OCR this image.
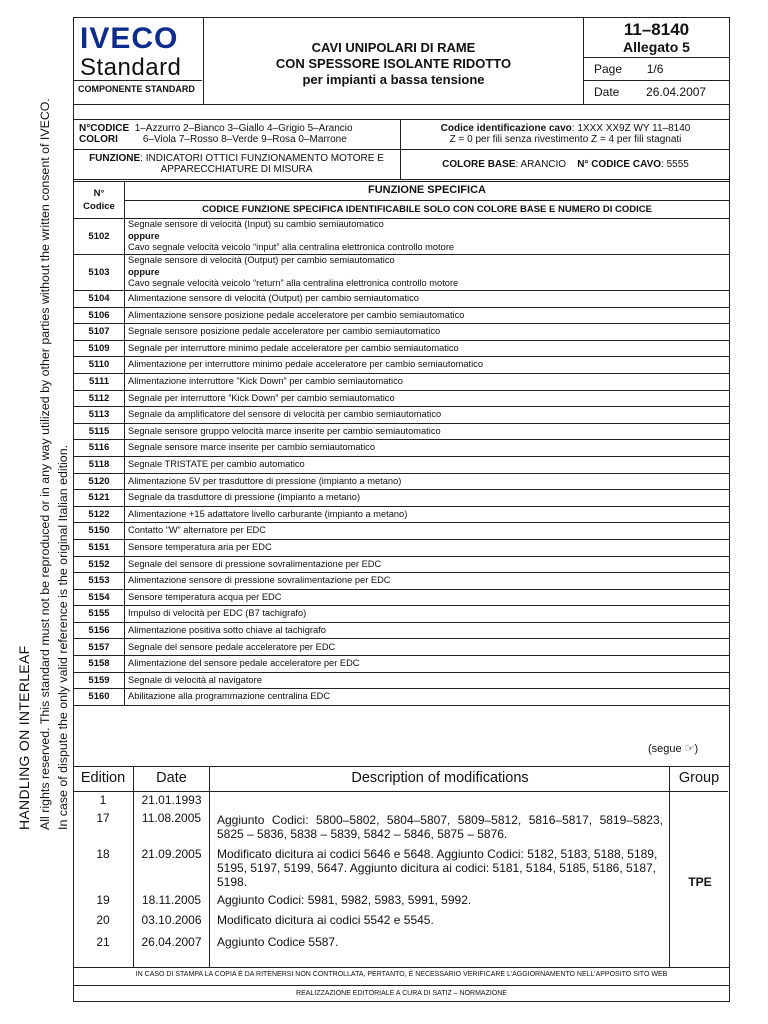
HANDLING ON INTERLEAF All rights reserved. This standard must not be reproduced or in any way utilized by other parties without the written consent of IVECO. In case of dispute the only valid reference is the original Italian edition.
IVECO
Standard
COMPONENTE STANDARD
CAVI UNIPOLARI DI RAME
CON SPESSORE ISOLANTE RIDOTTO
per impianti a bassa tensione
11–8140
Allegato 5
Page 1/6
Date 26.04.2007
N°CODICE 1–Azzurro 2–Bianco 3–Giallo 4–Grigio 5–Arancio
COLORI	6–Viola 7–Rosso 8–Verde 9–Rosa 0–Marrone
Codice identificazione cavo: 1XXX XX9Z WY 11–8140
Z = 0 per fili senza rivestimento Z = 4 per fili stagnati
FUNZIONE: INDICATORI OTTICI FUNZIONAMENTO MOTORE E APPARECCHIATURE DI MISURA	COLORE BASE: ARANCIO N° CODICE CAVO: 5555
N°
Codice	FUNZIONE SPECIFICA
	CODICE FUNZIONE SPECIFICA IDENTIFICABILE SOLO CON COLORE BASE E NUMERO DI CODICE
5102	Segnale sensore di velocità (Input) su cambio semiautomatico
oppure
Cavo segnale velocità veicolo “input” alla centralina elettronica controllo motore

5103	Segnale sensore di velocità (Output) per cambio semiautomatico
oppure
Cavo segnale velocità veicolo “return” alla centralina elettronica controllo motore

5104	Alimentazione sensore di velocità (Output) per cambio semiautomatico

5106	Alimentazione sensore posizione pedale acceleratore per cambio semiautomatico

5107	Segnale sensore posizione pedale acceleratore per cambio semiautomatico

5109	Segnale per interruttore minimo pedale acceleratore per cambio semiautomatico

5110	Alimentazione per interruttore minimo pedale acceleratore per cambio semiautomatico

5111	Alimentazione interruttore ”Kick Down” per cambio semiautomatico

5112	Segnale per interruttore ”Kick Down” per cambio semiautomatico

5113	Segnale da amplificatore del sensore di velocità per cambio semiautomatico

5115	Segnale sensore gruppo velocità marce inserite per cambio semiautomatico

5116	Segnale sensore marce inserite per cambio semiautomatico

5118	Segnale TRISTATE per cambio automatico

5120	Alimentazione 5V per trasduttore di pressione (impianto a metano)

5121	Segnale da trasduttore di pressione (impianto a metano)

5122	Alimentazione +15 adattatore livello carburante (impianto a metano)

5150	Contatto ”W” alternatore per EDC

5151	Sensore temperatura aria per EDC

5152	Segnale del sensore di pressione sovralimentazione per EDC

5153	Alimentazione sensore di pressione sovralimentazione per EDC

5154	Sensore temperatura acqua per EDC

5155	Impulso di velocità per EDC (B7 tachigrafo)

5156	Alimentazione positiva sotto chiave al tachigrafo

5157	Segnale del sensore pedale acceleratore per EDC

5158	Alimentazione del sensore pedale acceleratore per EDC

5159	Segnale di velocità al navigatore

5160	Abilitazione alla programmazione centralina EDC
(segue ☞)
Edition	Date	Description of modifications	Group
1	21.01.1993
17	11.08.2005	Aggiunto Codici: 5800–5802, 5804–5807, 5809–5812, 5816–5817, 5819–5823, 5825 – 5836, 5838 – 5839, 5842 – 5846, 5875 – 5876.
18	21.09.2005	Modificato dicitura ai codici 5646 e 5648. Aggiunto Codici: 5182, 5183, 5188, 5189, 5195, 5197, 5199, 5647. Aggiunto dicitura ai codici: 5181, 5184, 5185, 5186, 5187, 5198.
19	18.11.2005	Aggiunto Codici: 5981, 5982, 5983, 5991, 5992.
20	03.10.2006	Modificato dicitura ai codici 5542 e 5545.
21	26.04.2007	Aggiunto Codice 5587.
TPE
IN CASO DI STAMPA LA COPIA È DA RITENERSI NON CONTROLLATA, PERTANTO, È NECESSARIO VERIFICARE L’AGGIORNAMENTO NELL’APPOSITO SITO WEB
REALIZZAZIONE EDITORIALE A CURA DI SATIZ – NORMAZIONE
